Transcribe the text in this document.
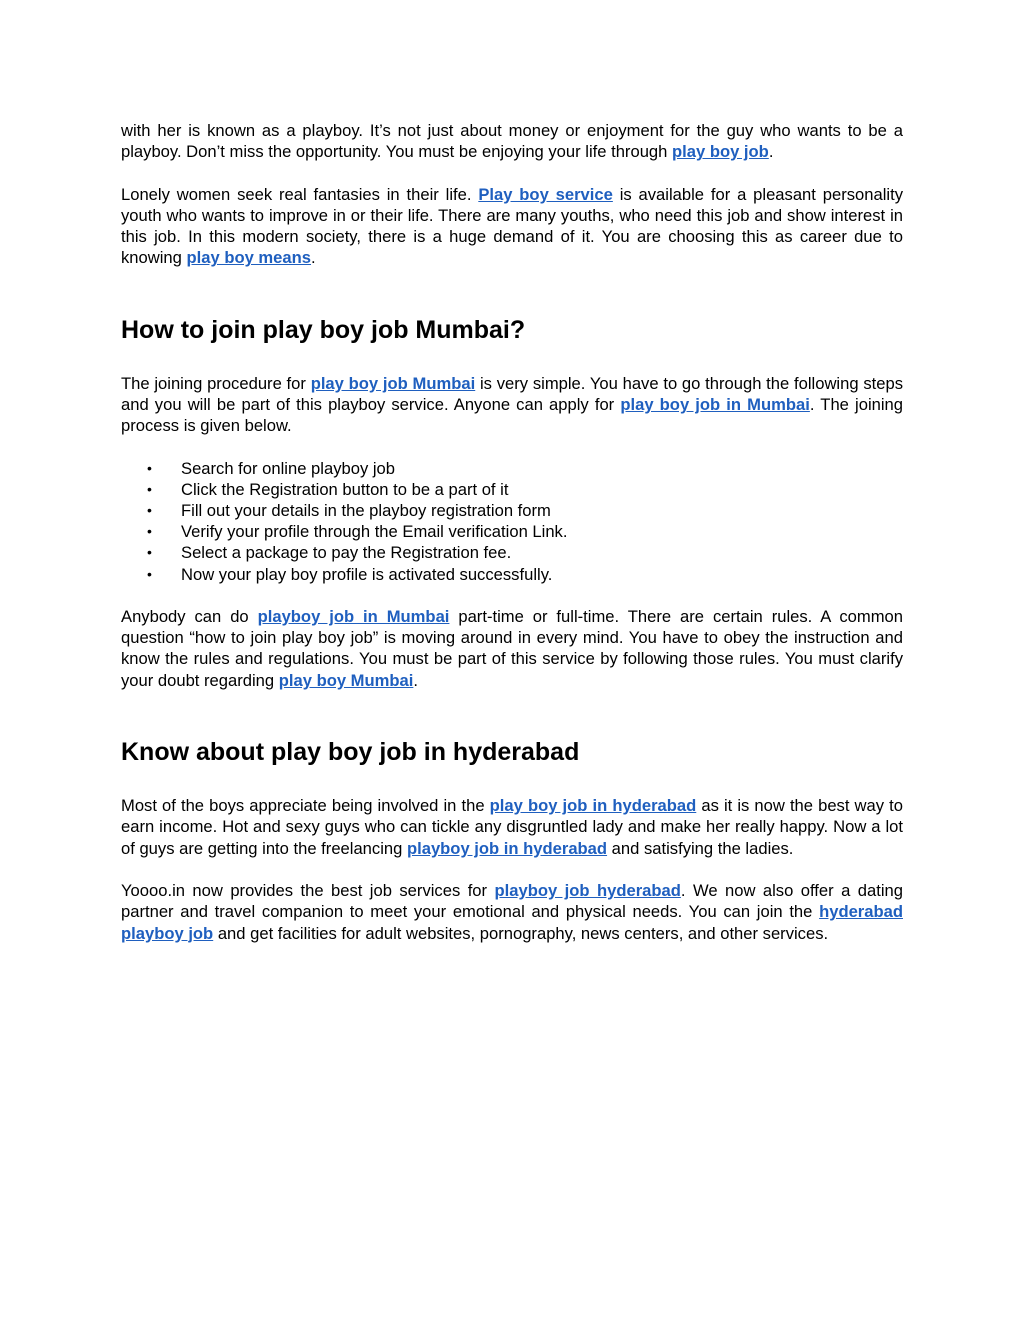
with her is known as a playboy. It’s not just about money or enjoyment for the guy who wants to be a playboy. Don’t miss the opportunity. You must be enjoying your life through play boy job.

Lonely women seek real fantasies in their life. Play boy service is available for a pleasant personality youth who wants to improve in or their life. There are many youths, who need this job and show interest in this job. In this modern society, there is a huge demand of it. You are choosing this as career due to knowing play boy means.

How to join play boy job Mumbai?

The joining procedure for play boy job Mumbai is very simple. You have to go through the following steps and you will be part of this playboy service. Anyone can apply for play boy job in Mumbai. The joining process is given below.

• Search for online playboy job
• Click the Registration button to be a part of it
• Fill out your details in the playboy registration form
• Verify your profile through the Email verification Link.
• Select a package to pay the Registration fee.
• Now your play boy profile is activated successfully.

Anybody can do playboy job in Mumbai part-time or full-time. There are certain rules. A common question “how to join play boy job” is moving around in every mind. You have to obey the instruction and know the rules and regulations. You must be part of this service by following those rules. You must clarify your doubt regarding play boy Mumbai.

Know about play boy job in hyderabad

Most of the boys appreciate being involved in the play boy job in hyderabad as it is now the best way to earn income. Hot and sexy guys who can tickle any disgruntled lady and make her really happy. Now a lot of guys are getting into the freelancing playboy job in hyderabad and satisfying the ladies.

Yoooo.in now provides the best job services for playboy job hyderabad. We now also offer a dating partner and travel companion to meet your emotional and physical needs. You can join the hyderabad playboy job and get facilities for adult websites, pornography, news centers, and other services.
